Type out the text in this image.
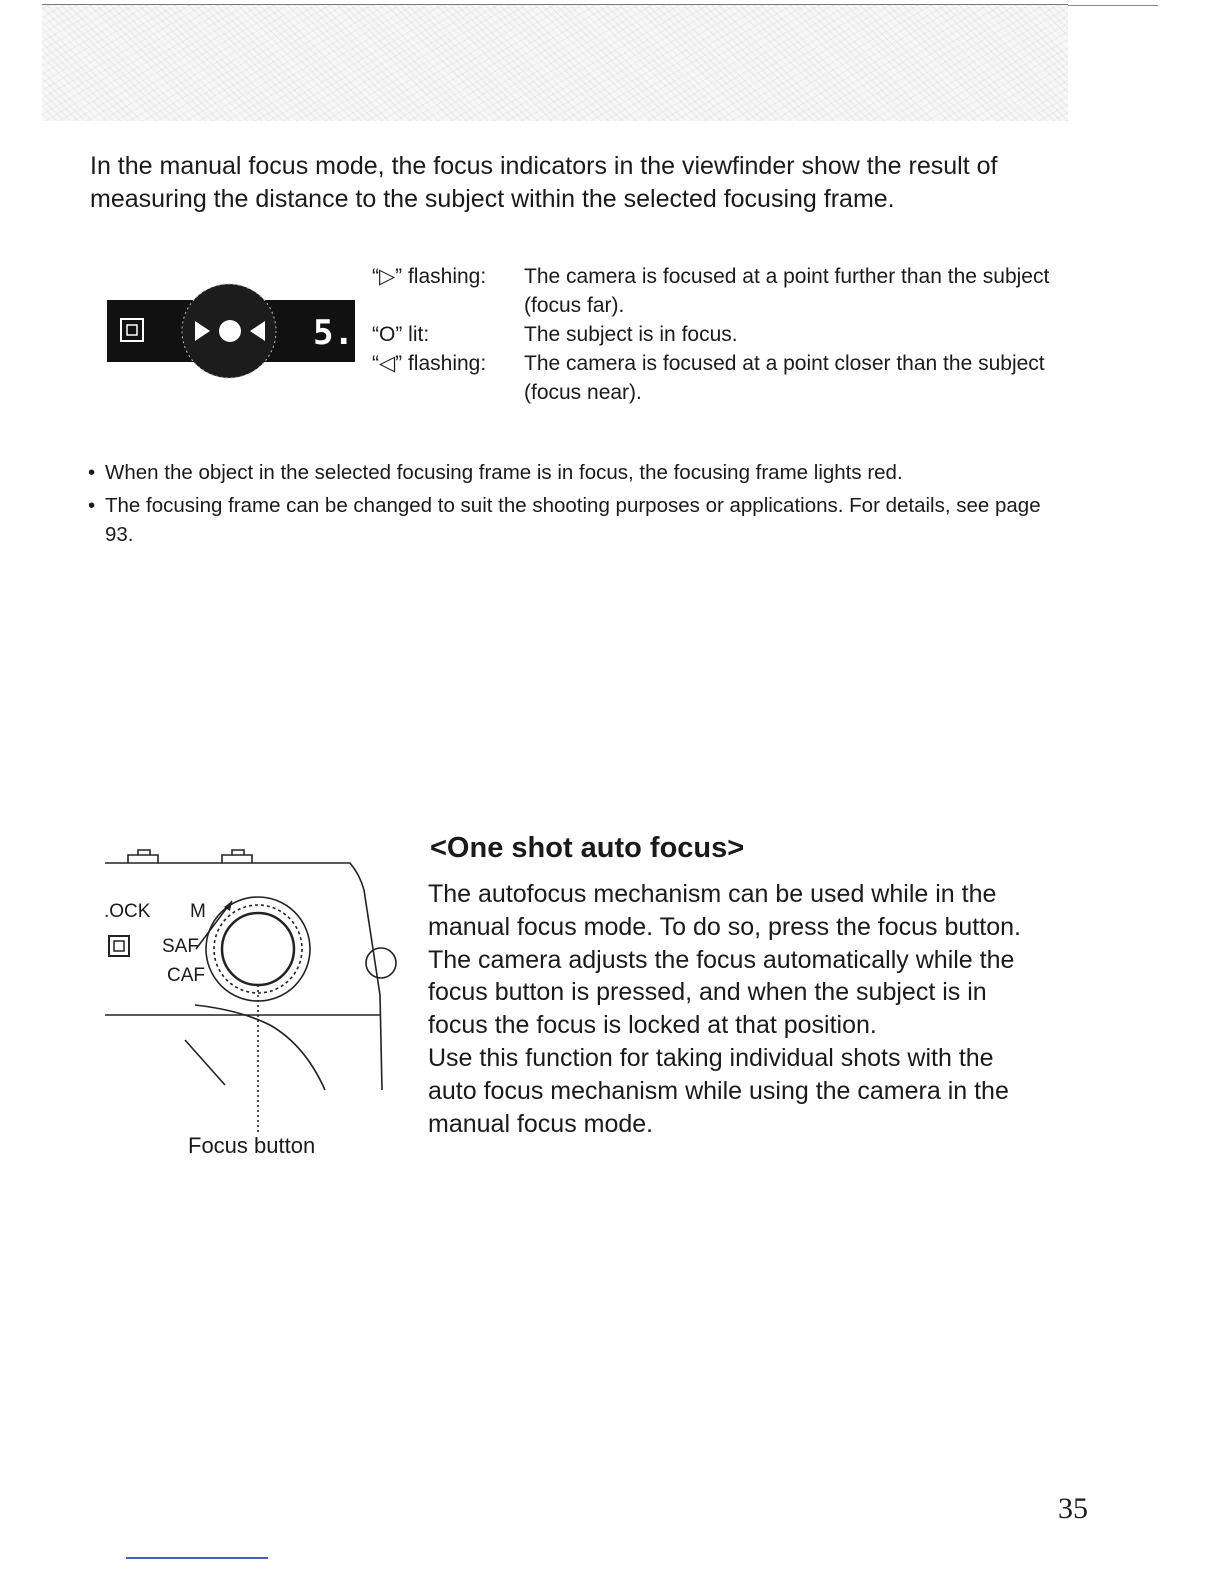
In the manual focus mode, the focus indicators in the viewfinder show the result of measuring the distance to the subject within the selected focusing frame.

5.5
“▷” flashing:	The camera is focused at a point further than the subject (focus far).
“O” lit:	The subject is in focus.
“◁” flashing:	The camera is focused at a point closer than the subject (focus near).
• When the object in the selected focusing frame is in focus, the focusing frame lights red.
• The focusing frame can be changed to suit the shooting purposes or applications. For details, see page 93.
.OCK M
SAF
CAF
Focus button
<One shot auto focus>

The autofocus mechanism can be used while in the manual focus mode. To do so, press the focus button. The camera adjusts the focus automatically while the focus button is pressed, and when the subject is in focus the focus is locked at that position.
Use this function for taking individual shots with the auto focus mechanism while using the camera in the manual focus mode.

35
